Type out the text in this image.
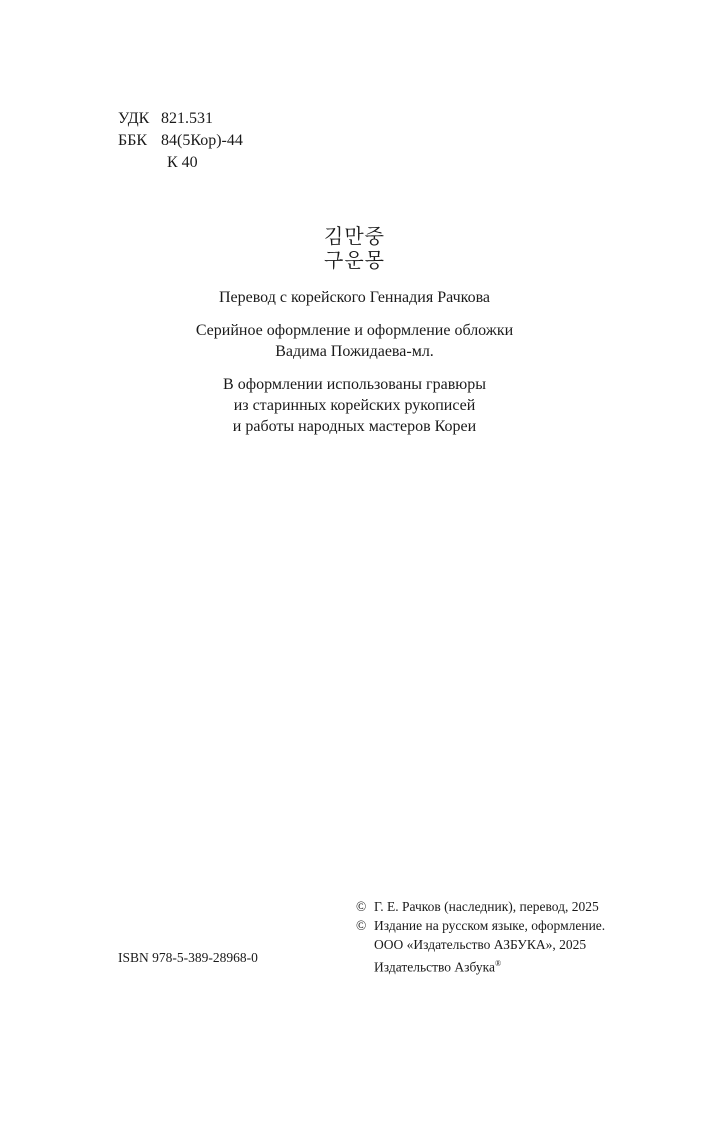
УДК 821.531
ББК 84(5Кор)-44
К 40
김만중
구운몽
Перевод с корейского Геннадия Рачкова
Серийное оформление и оформление обложки
Вадима Пожидаева-мл.
В оформлении использованы гравюры
из старинных корейских рукописей
и работы народных мастеров Кореи
© Г. Е. Рачков (наследник), перевод, 2025
© Издание на русском языке, оформление.
ООО «Издательство АЗБУКА», 2025
Издательство Азбука®
ISBN 978-5-389-28968-0
